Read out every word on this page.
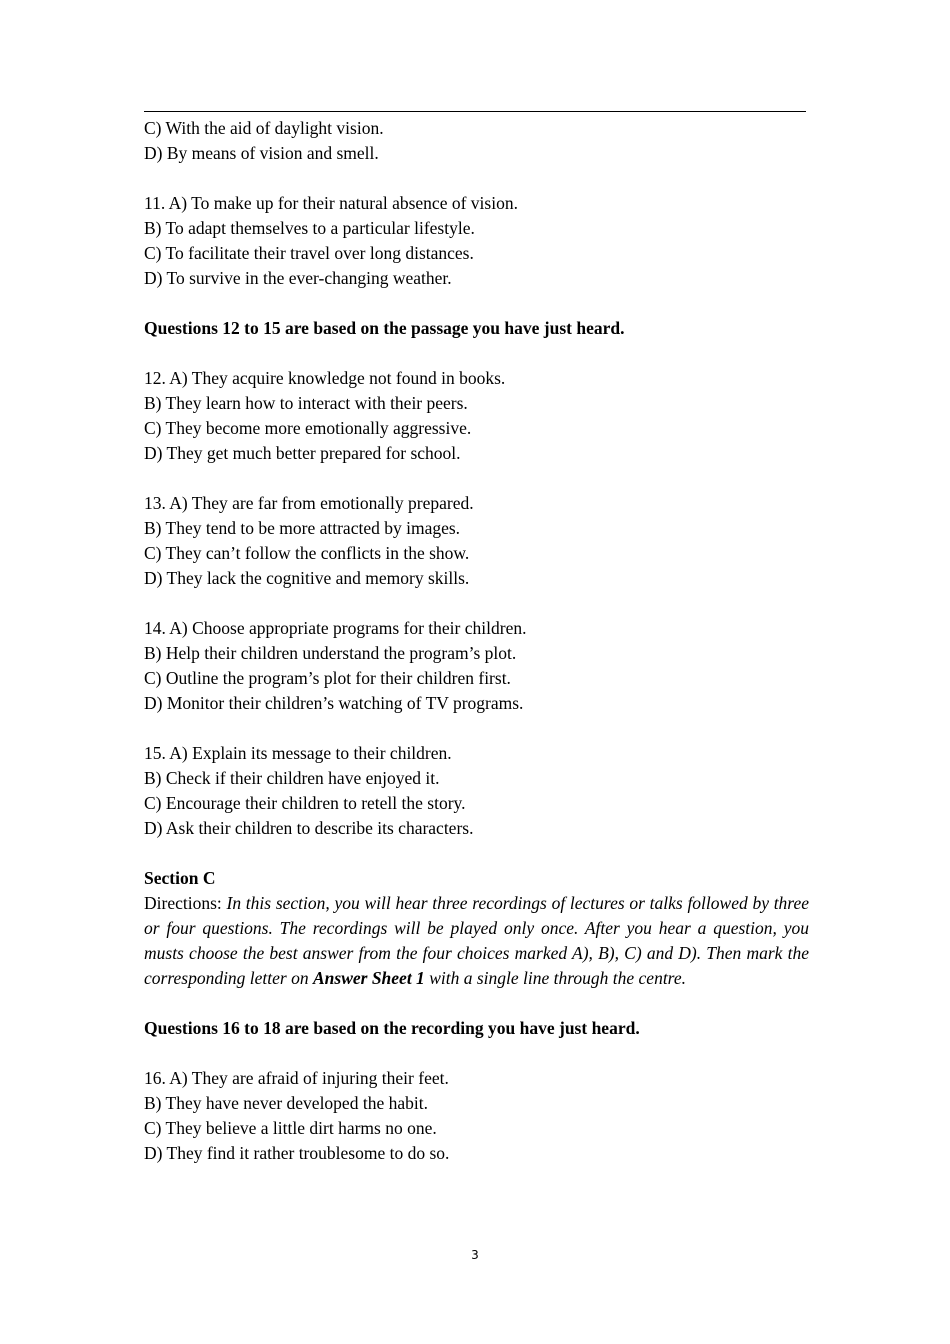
C) With the aid of daylight vision.
D) By means of vision and smell.
11. A) To make up for their natural absence of vision.
B) To adapt themselves to a particular lifestyle.
C) To facilitate their travel over long distances.
D) To survive in the ever-changing weather.
Questions 12 to 15 are based on the passage you have just heard.
12. A) They acquire knowledge not found in books.
B) They learn how to interact with their peers.
C) They become more emotionally aggressive.
D) They get much better prepared for school.
13. A) They are far from emotionally prepared.
B) They tend to be more attracted by images.
C) They can’t follow the conflicts in the show.
D) They lack the cognitive and memory skills.
14. A) Choose appropriate programs for their children.
B) Help their children understand the program’s plot.
C) Outline the program’s plot for their children first.
D) Monitor their children’s watching of TV programs.
15. A) Explain its message to their children.
B) Check if their children have enjoyed it.
C) Encourage their children to retell the story.
D) Ask their children to describe its characters.
Section C
Directions: In this section, you will hear three recordings of lectures or talks followed by three or four questions. The recordings will be played only once. After you hear a question, you musts choose the best answer from the four choices marked A), B), C) and D). Then mark the corresponding letter on Answer Sheet 1 with a single line through the centre.
Questions 16 to 18 are based on the recording you have just heard.
16. A) They are afraid of injuring their feet.
B) They have never developed the habit.
C) They believe a little dirt harms no one.
D) They find it rather troublesome to do so.
3
